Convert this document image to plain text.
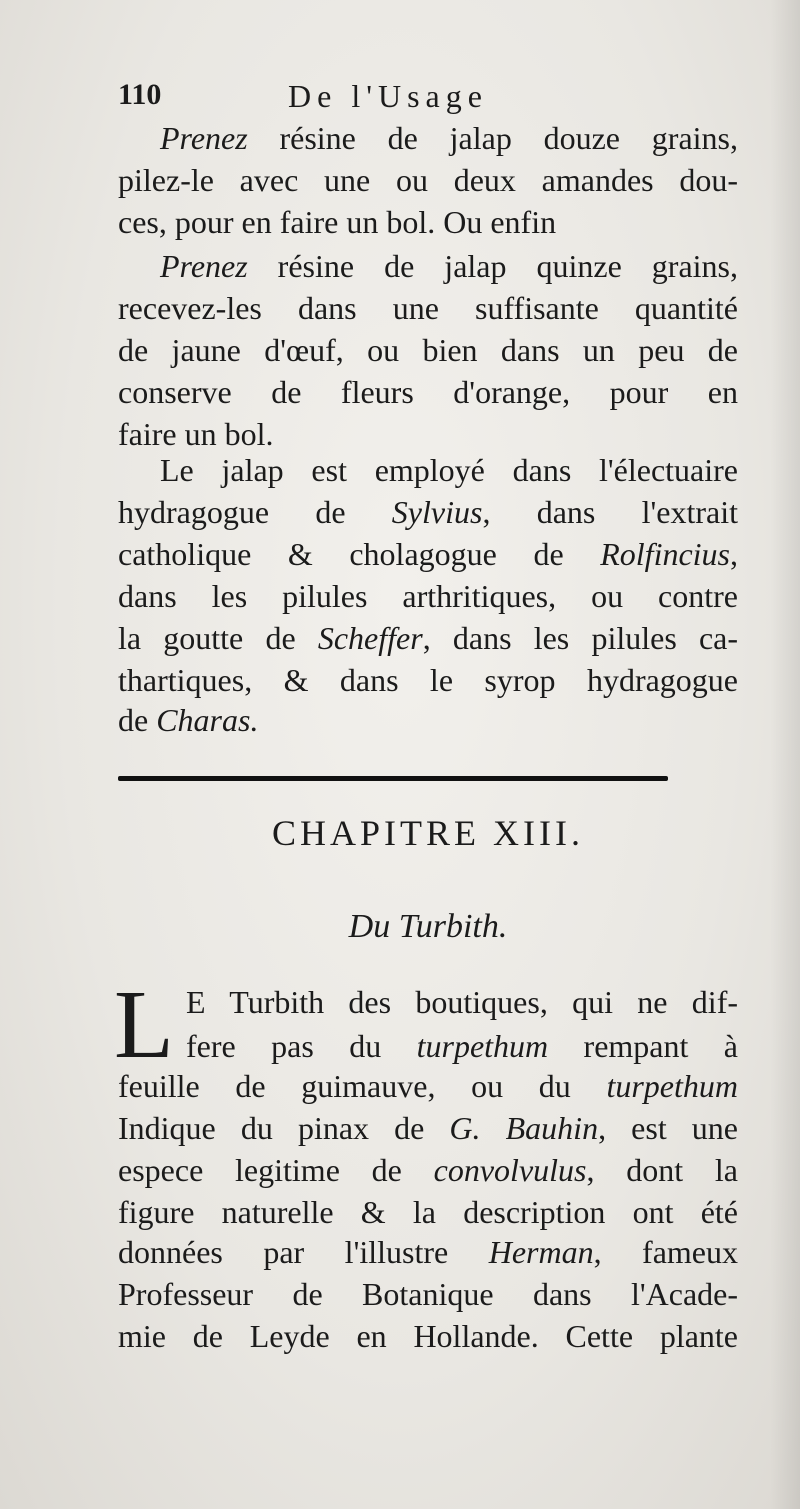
110	De l'Usage
Prenez résine de jalap douze grains,
pilez-le avec une ou deux amandes dou-
ces, pour en faire un bol. Ou enfin
Prenez résine de jalap quinze grains,
recevez-les dans une suffisante quantité
de jaune d'œuf, ou bien dans un peu de
conserve de fleurs d'orange, pour en
faire un bol.
Le jalap est employé dans l'électuaire
hydragogue de Sylvius, dans l'extrait
catholique & cholagogue de Rolfincius,
dans les pilules arthritiques, ou contre
la goutte de Scheffer, dans les pilules ca-
thartiques, & dans le syrop hydragogue
de Charas.
CHAPITRE XIII.
Du Turbith.
L E Turbith des boutiques, qui ne dif-
fere pas du turpethum rempant à
feuille de guimauve, ou du turpethum
Indique du pinax de G. Bauhin, est une
espece legitime de convolvulus, dont la
figure naturelle & la description ont été
données par l'illustre Herman, fameux
Professeur de Botanique dans l'Acade-
mie de Leyde en Hollande. Cette plante
